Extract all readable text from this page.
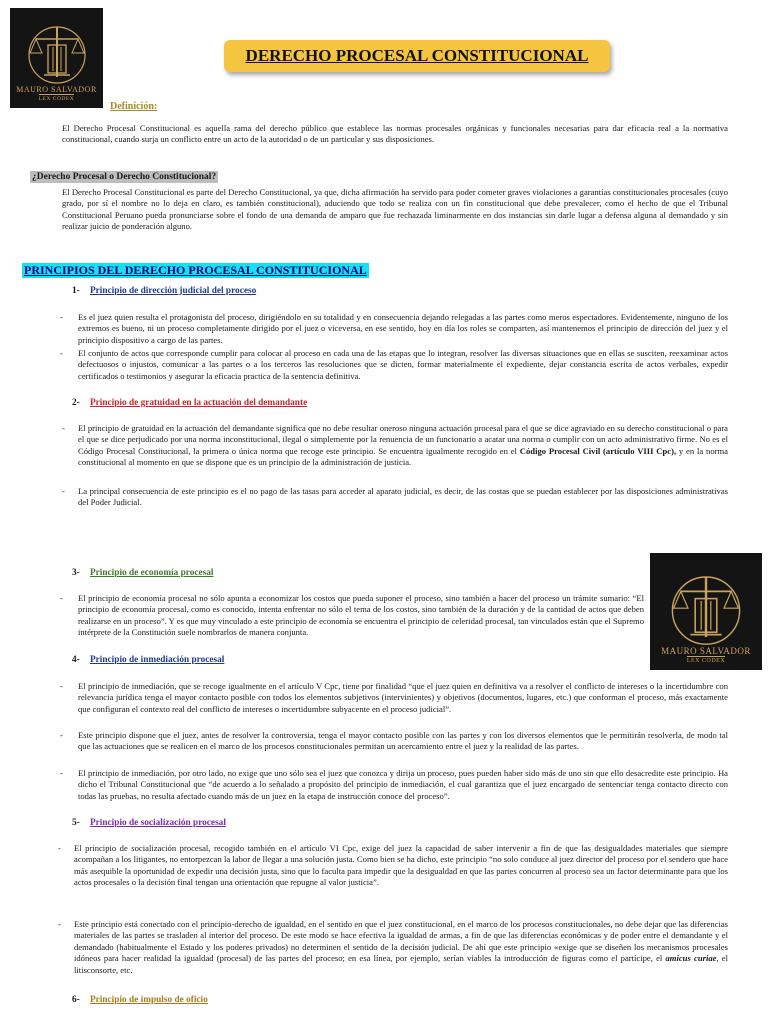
MAURO SALVADOR
LEX CODEX
DERECHO PROCESAL CONSTITUCIONAL
Definición:
El Derecho Procesal Constitucional es aquella rama del derecho público que establece las normas procesales orgánicas y funcionales necesarias para dar eficacia real a la normativa constitucional, cuando surja un conflicto entre un acto de la autoridad o de un particular y sus disposiciones.
¿Derecho Procesal o Derecho Constitucional?
El Derecho Procesal Constitucional es parte del Derecho Constitucional, ya que, dicha afirmación ha servido para poder cometer graves violaciones a garantías constitucionales procesales (cuyo grado, por sí el nombre no lo deja en claro, es también constitucional), aduciendo que todo se realiza con un fin constitucional que debe prevalecer, como el hecho de que el Tribunal Constitucional Peruano pueda pronunciarse sobre el fondo de una demanda de amparo que fue rechazada liminarmente en dos instancias sin darle lugar a defensa alguna al demandado y sin realizar juicio de ponderación alguno.
PRINCIPIOS DEL DERECHO PROCESAL CONSTITUCIONAL
1- Principio de dirección judicial del proceso
- Es el juez quien resulta el protagonista del proceso, dirigiéndolo en su totalidad y en consecuencia dejando relegadas a las partes como meros espectadores. Evidentemente, ninguno de los extremos es bueno, ni un proceso completamente dirigido por el juez o viceversa, en ese sentido, hoy en día los roles se comparten, así mantenemos el principio de dirección del juez y el principio dispositivo a cargo de las partes.
- El conjunto de actos que corresponde cumplir para colocar al proceso en cada una de las etapas que lo integran, resolver las diversas situaciones que en ellas se susciten, reexaminar actos defectuosos o injustos, comunicar a las partes o a los terceros las resoluciones que se dicten, formar materialmente el expediente, dejar constancia escrita de actos verbales, expedir certificados o testimonios y asegurar la eficacia practica de la sentencia definitiva.
2- Principio de gratuidad en la actuación del demandante
- El principio de gratuidad en la actuación del demandante significa que no debe resultar oneroso ninguna actuación procesal para el que se dice agraviado en su derecho constitucional o para el que se dice perjudicado por una norma inconstitucional, ilegal o simplemente por la renuencia de un funcionario a acatar una norma o cumplir con un acto administrativo firme. No es el Código Procesal Constitucional, la primera o única norma que recoge este principio. Se encuentra igualmente recogido en el Código Procesal Civil (artículo VIII Cpc), y en la norma constitucional al momento en que se dispone que es un principio de la administración de justicia.
- La principal consecuencia de este principio es el no pago de las tasas para acceder al aparato judicial, es decir, de las costas que se puedan establecer por las disposiciones administrativas del Poder Judicial.
MAURO SALVADOR
LEX CODEX
3- Principio de economía procesal
- El principio de economía procesal no sólo apunta a economizar los costos que pueda suponer el proceso, sino también a hacer del proceso un trámite sumario: “El principio de economía procesal, como es conocido, intenta enfrentar no sólo el tema de los costos, sino también de la duración y de la cantidad de actos que deben realizarse en un proceso”. Y es que muy vinculado a este principio de economía se encuentra el principio de celeridad procesal, tan vinculados están que el Supremo intérprete de la Constitución suele nombrarlos de manera conjunta.
4- Principio de inmediación procesal
- El principio de inmediación, que se recoge igualmente en el artículo V Cpc, tiene por finalidad “que el juez quien en definitiva va a resolver el conflicto de intereses o la incertidumbre con relevancia jurídica tenga el mayor contacto posible con todos los elementos subjetivos (intervinientes) y objetivos (documentos, lugares, etc.) que conforman el proceso, más exactamente que configuran el contexto real del conflicto de intereses o incertidumbre subyacente en el proceso judicial”.
- Este principio dispone que el juez, antes de resolver la controversia, tenga el mayor contacto posible con las partes y con los diversos elementos que le permitirán resolverla, de modo tal que las actuaciones que se realicen en el marco de los procesos constitucionales permitan un acercamiento entre el juez y la realidad de las partes.
- El principio de inmediación, por otro lado, no exige que uno sólo sea el juez que conozca y dirija un proceso, pues pueden haber sido más de uno sin que ello desacredite este principio. Ha dicho el Tribunal Constitucional que “de acuerdo a lo señalado a propósito del principio de inmediación, el cual garantiza que el juez encargado de sentenciar tenga contacto directo con todas las pruebas, no resulta afectado cuando más de un juez en la etapa de instrucción conoce del proceso”.
5- Principio de socialización procesal
- El principio de socialización procesal, recogido también en el artículo VI Cpc, exige del juez la capacidad de saber intervenir a fin de que las desigualdades materiales que siempre acompañan a los litigantes, no entorpezcan la labor de llegar a una solución justa. Como bien se ha dicho, este principio “no solo conduce al juez director del proceso por el sendero que hace más asequible la oportunidad de expedir una decisión justa, sino que lo faculta para impedir que la desigualdad en que las partes concurren al proceso sea un factor determinante para que los actos procesales o la decisión final tengan una orientación que repugne al valor justicia”.
- Este principio está conectado con el principio-derecho de igualdad, en el sentido en que el juez constitucional, en el marco de los procesos constitucionales, no debe dejar que las diferencias materiales de las partes se trasladen al interior del proceso. De este modo se hace efectiva la igualdad de armas, a fin de que las diferencias económicas y de poder entre el demandante y el demandado (habitualmente el Estado y los poderes privados) no determinen el sentido de la decisión judicial. De ahí que este principio «exige que se diseñen los mecanismos procesales idóneos para hacer realidad la igualdad (procesal) de las partes del proceso; en esa línea, por ejemplo, serían viables la introducción de figuras como el partícipe, el amicus curiae, el litisconsorte, etc.
6- Principio de impulso de oficio
